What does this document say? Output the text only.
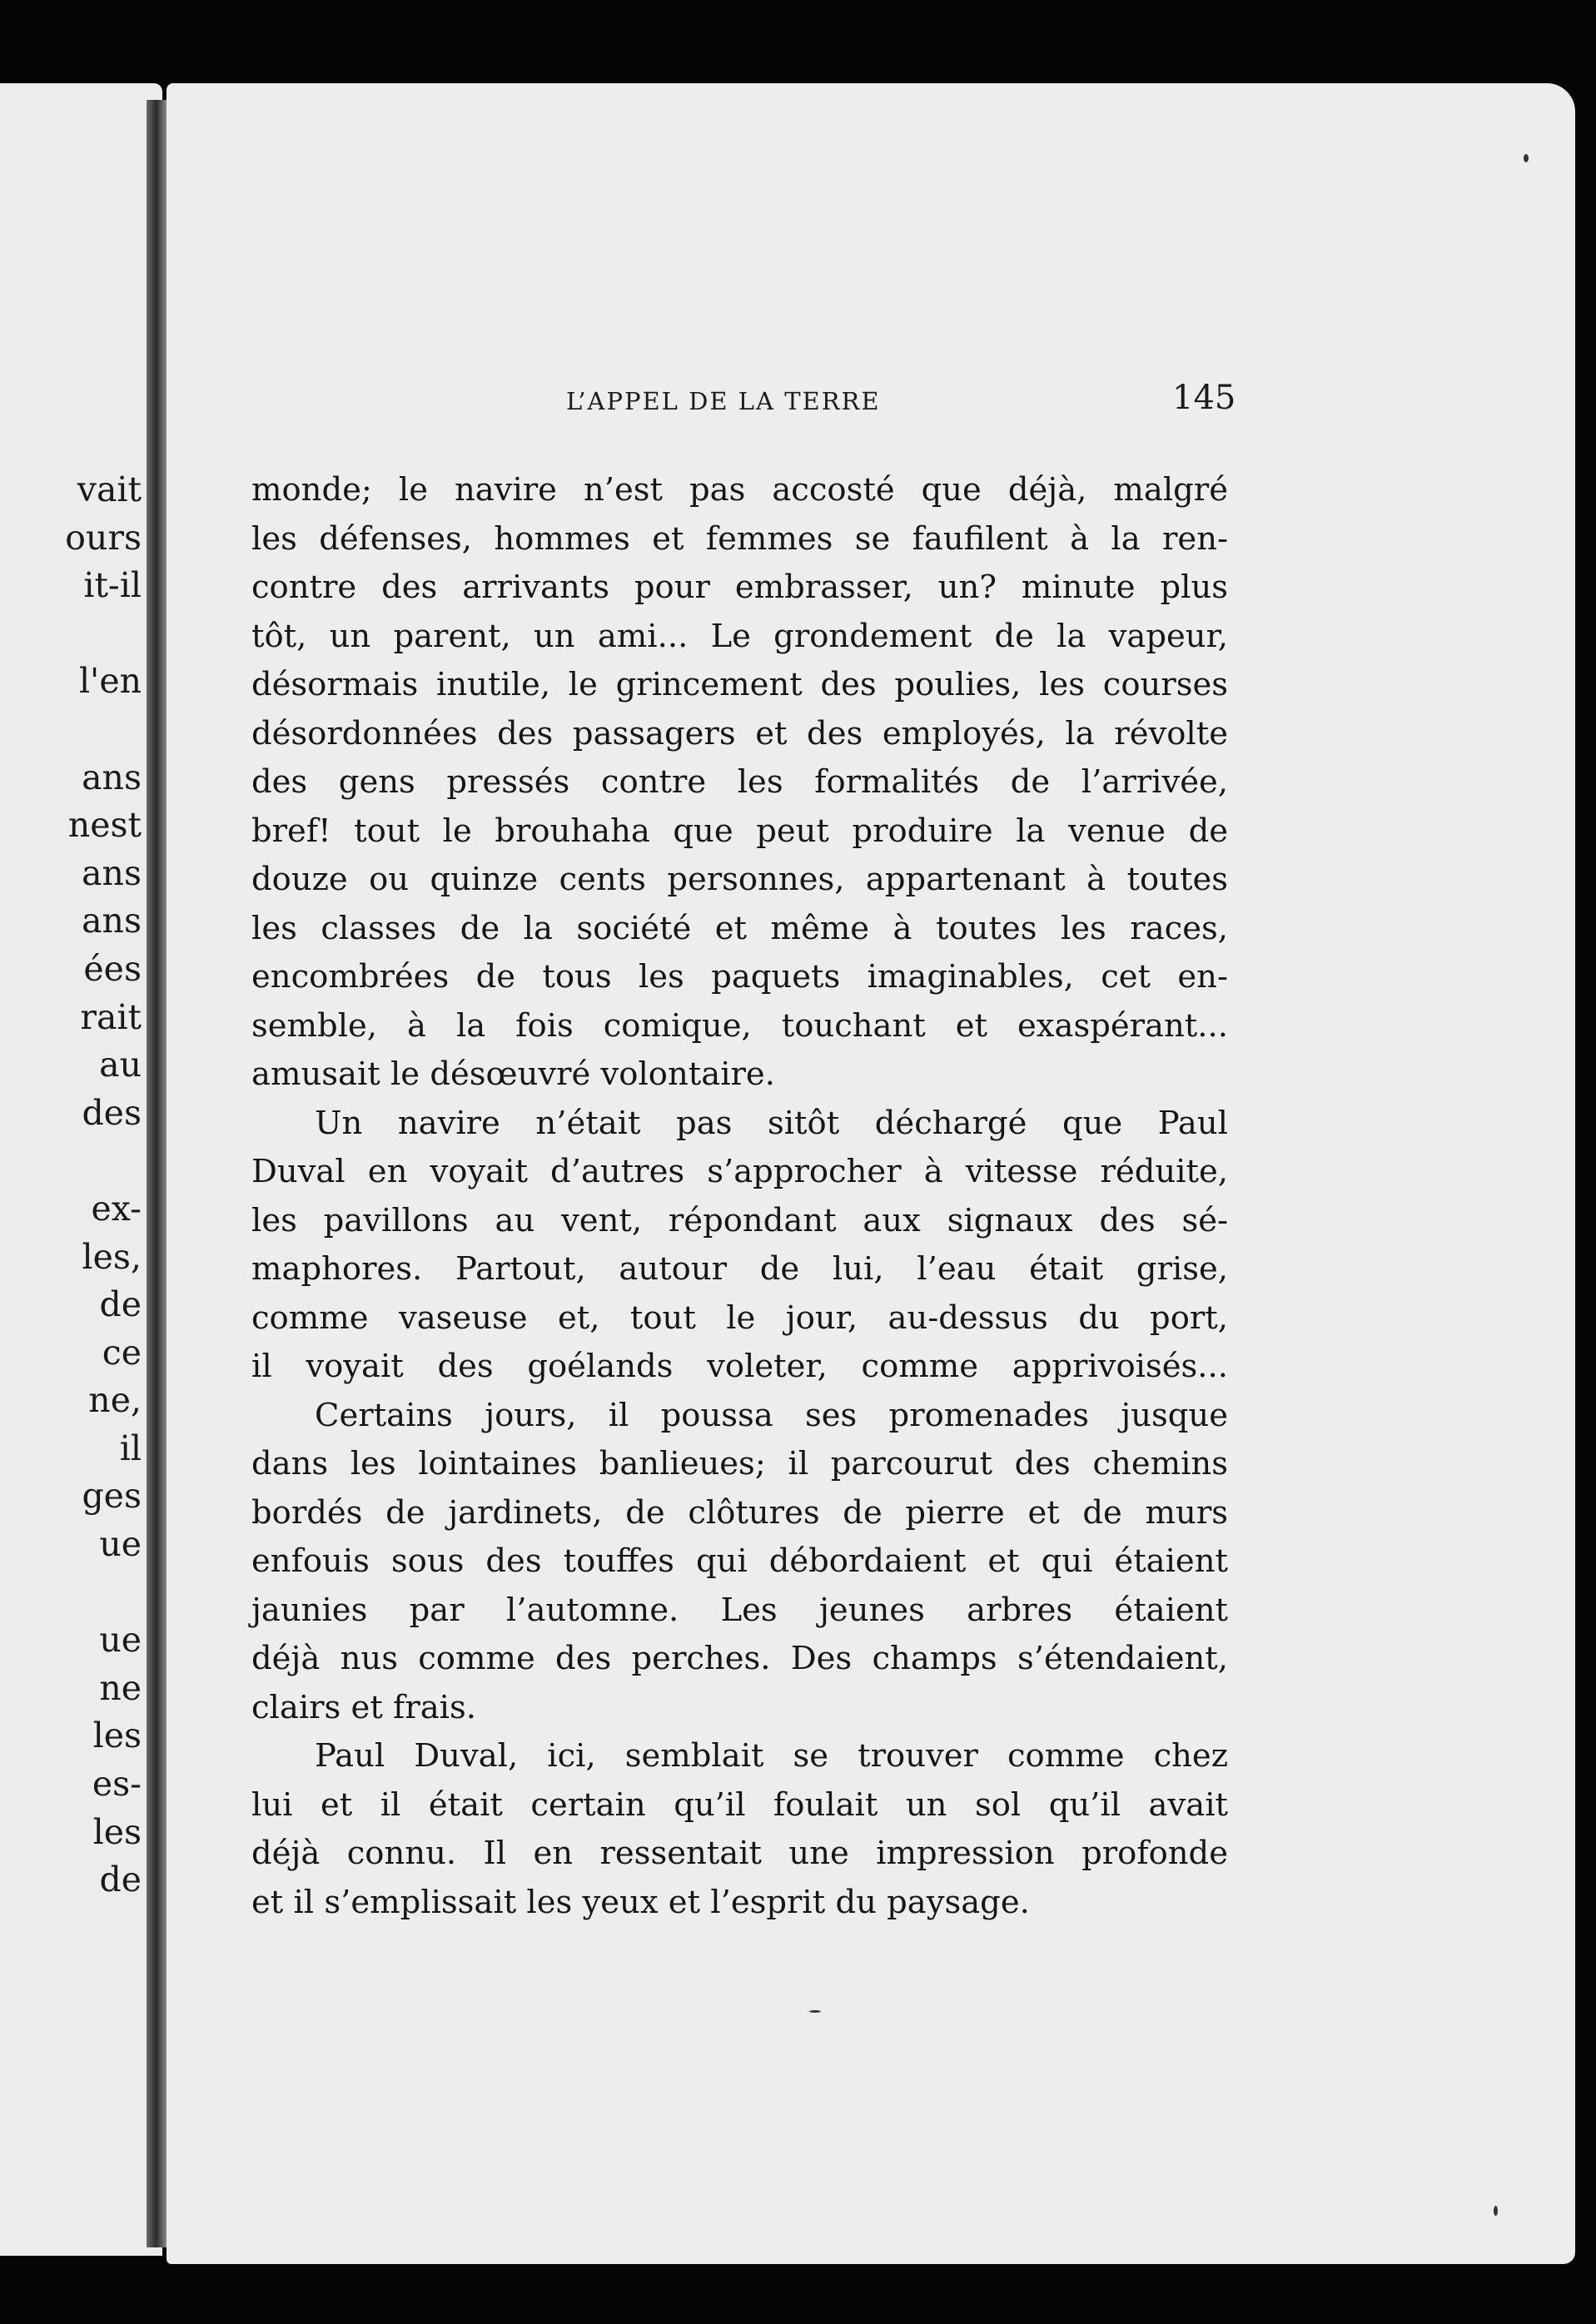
vait
ours
it-il
l'en
ans
nest
ans
ans
ées
rait
au
des
ex-
les,
de
ce
ne,
il
ges
ue
ue
ne
les
es-
les
de
L’APPEL DE LA TERRE	145
monde; le navire n’est pas accosté que déjà, malgré
les défenses, hommes et femmes se faufilent à la ren-
contre des arrivants pour embrasser, un? minute plus
tôt, un parent, un ami... Le grondement de la vapeur,
désormais inutile, le grincement des poulies, les courses
désordonnées des passagers et des employés, la révolte
des gens pressés contre les formalités de l’arrivée,
bref! tout le brouhaha que peut produire la venue de
douze ou quinze cents personnes, appartenant à toutes
les classes de la société et même à toutes les races,
encombrées de tous les paquets imaginables, cet en-
semble, à la fois comique, touchant et exaspérant...
amusait le désœuvré volontaire.
Un navire n’était pas sitôt déchargé que Paul
Duval en voyait d’autres s’approcher à vitesse réduite,
les pavillons au vent, répondant aux signaux des sé-
maphores. Partout, autour de lui, l’eau était grise,
comme vaseuse et, tout le jour, au-dessus du port,
il voyait des goélands voleter, comme apprivoisés...
Certains jours, il poussa ses promenades jusque
dans les lointaines banlieues; il parcourut des chemins
bordés de jardinets, de clôtures de pierre et de murs
enfouis sous des touffes qui débordaient et qui étaient
jaunies par l’automne. Les jeunes arbres étaient
déjà nus comme des perches. Des champs s’étendaient,
clairs et frais.
Paul Duval, ici, semblait se trouver comme chez
lui et il était certain qu’il foulait un sol qu’il avait
déjà connu. Il en ressentait une impression profonde
et il s’emplissait les yeux et l’esprit du paysage.
